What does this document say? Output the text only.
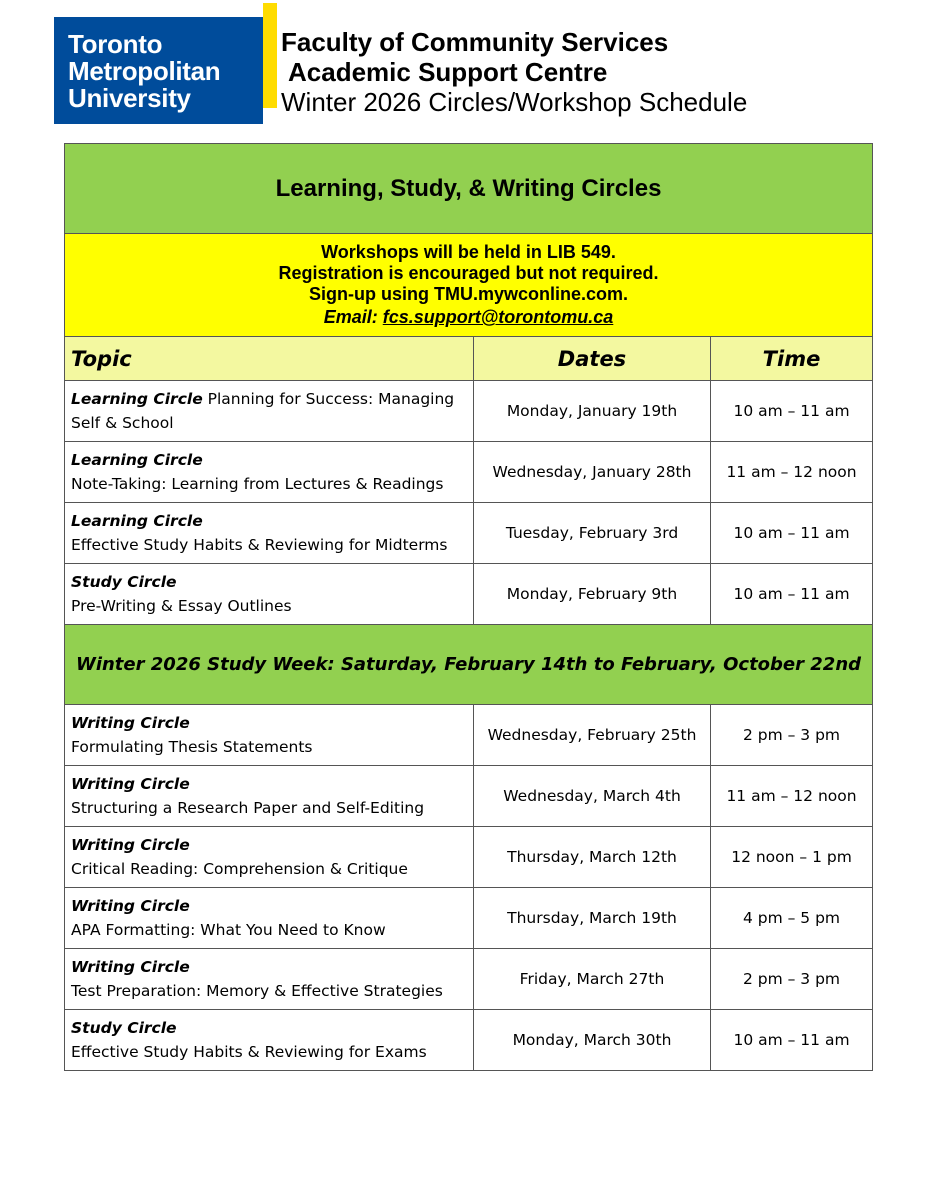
Toronto
Metropolitan
University
Faculty of Community Services
Academic Support Centre
Winter 2026 Circles/Workshop Schedule
Learning, Study, & Writing Circles		

Workshops will be held in LIB 549.
Registration is encouraged but not required.
Sign-up using TMU.mywconline.com.
Email: fcs.support@torontomu.ca		

Topic	Dates	Time
Learning Circle Planning for Success: Managing Self & School	Monday, January 19th	10 am – 11 am

Learning Circle
Note-Taking: Learning from Lectures & Readings	Wednesday, January 28th	11 am – 12 noon

Learning Circle
Effective Study Habits & Reviewing for Midterms	Tuesday, February 3rd	10 am – 11 am

Study Circle
Pre-Writing & Essay Outlines	Monday, February 9th	10 am – 11 am
Winter 2026 Study Week: Saturday, February 14th to February, October 22nd		

Writing Circle
Formulating Thesis Statements	Wednesday, February 25th	2 pm – 3 pm

Writing Circle
Structuring a Research Paper and Self-Editing	Wednesday, March 4th	11 am – 12 noon

Writing Circle
Critical Reading: Comprehension & Critique	Thursday, March 12th	12 noon – 1 pm

Writing Circle
APA Formatting: What You Need to Know	Thursday, March 19th	4 pm – 5 pm

Writing Circle
Test Preparation: Memory & Effective Strategies	Friday, March 27th	2 pm – 3 pm

Study Circle
Effective Study Habits & Reviewing for Exams	Monday, March 30th	10 am – 11 am
